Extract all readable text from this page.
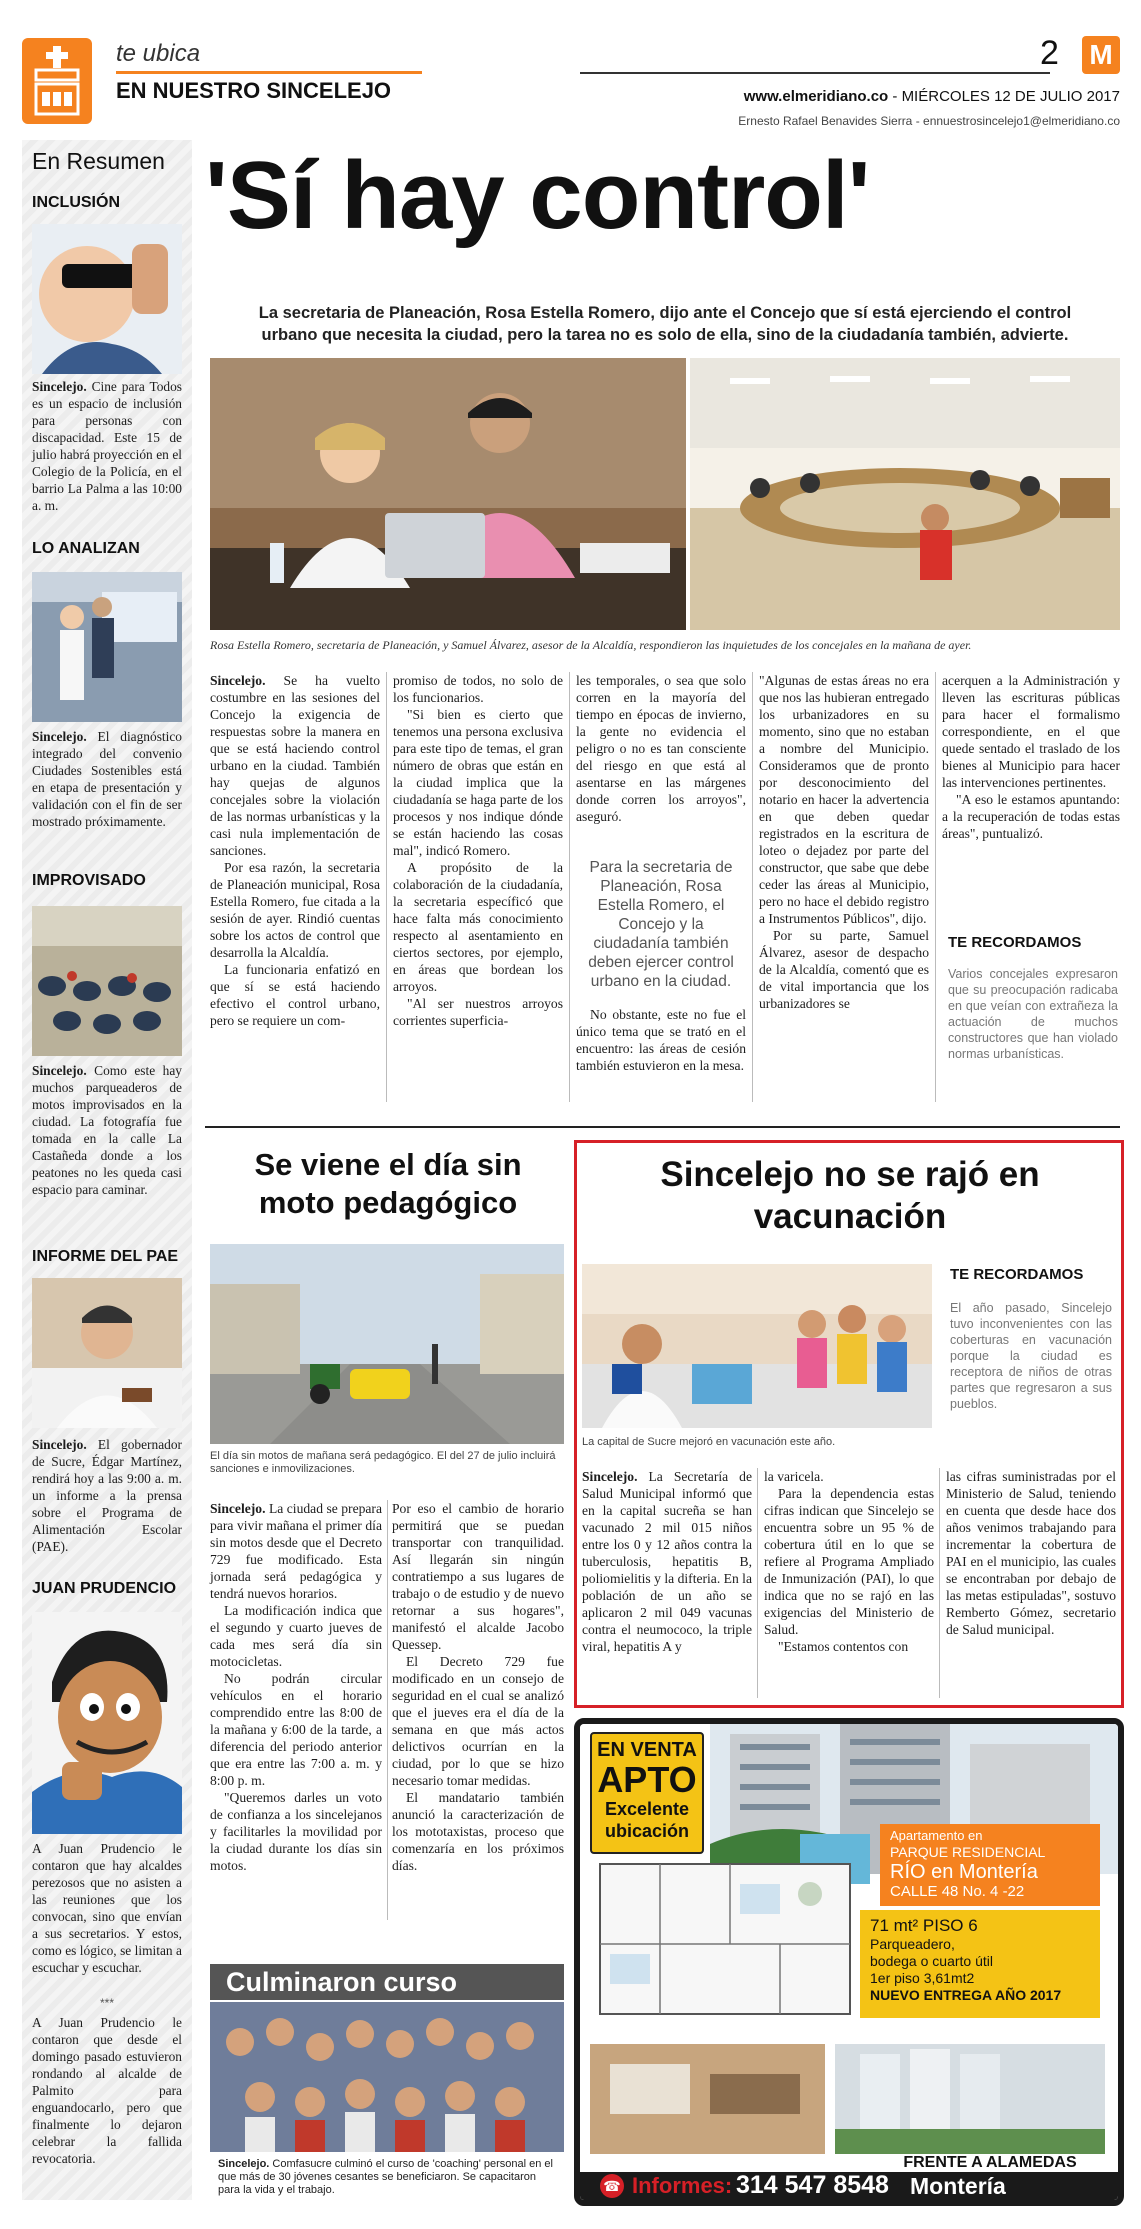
te ubica
EN NUESTRO SINCELEJO
2 M
www.elmeridiano.co - MIÉRCOLES 12 DE JULIO 2017
Ernesto Rafael Benavides Sierra - ennuestrosincelejo1@elmeridiano.co
En Resumen
INCLUSIÓN
Sincelejo. Cine para Todos es un espacio de inclusión para personas con discapacidad. Este 15 de julio habrá proyección en el Colegio de la Policía, en el barrio La Palma a las 10:00 a. m.
LO ANALIZAN
Sincelejo. El diagnóstico integrado del convenio Ciudades Sostenibles está en etapa de presentación y validación con el fin de ser mostrado próximamente.
IMPROVISADO
Sincelejo. Como este hay muchos parqueaderos de motos improvisados en la ciudad. La fotografía fue tomada en la calle La Castañeda donde a los peatones no les queda casi espacio para caminar.
INFORME DEL PAE
Sincelejo. El gobernador de Sucre, Édgar Martínez, rendirá hoy a las 9:00 a. m. un informe a la prensa sobre el Programa de Alimentación Escolar (PAE).
JUAN PRUDENCIO
A Juan Prudencio le contaron que hay alcaldes perezosos que no asisten a las reuniones que los convocan, sino que envían a sus secretarios. Y estos, como es lógico, se limitan a escuchar y escuchar.
***
A Juan Prudencio le contaron que desde el domingo pasado estuvieron rondando al alcalde de Palmito para enguandocarlo, pero que finalmente lo dejaron celebrar la fallida revocatoria.
'Sí hay control'
La secretaria de Planeación, Rosa Estella Romero, dijo ante el Concejo que sí está ejerciendo el control urbano que necesita la ciudad, pero la tarea no es solo de ella, sino de la ciudadanía también, advierte.
Rosa Estella Romero, secretaria de Planeación, y Samuel Álvarez, asesor de la Alcaldía, respondieron las inquietudes de los concejales en la mañana de ayer.

Sincelejo. Se ha vuelto costumbre en las sesiones del Concejo la exigencia de respuestas sobre la manera en que se está haciendo control urbano en la ciudad. También hay quejas de algunos concejales sobre la violación de las normas urbanísticas y la casi nula implementación de sanciones.

Por esa razón, la secretaria de Planeación municipal, Rosa Estella Romero, fue citada a la sesión de ayer. Rindió cuentas sobre los actos de control que desarrolla la Alcaldía.

La funcionaria enfatizó en que sí se está haciendo efectivo el control urbano, pero se requiere un com-

promiso de todos, no solo de los funcionarios.

"Si bien es cierto que tenemos una persona exclusiva para este tipo de temas, el gran número de obras que están en la ciudad implica que la ciudadanía se haga parte de los procesos y nos indique dónde se están haciendo las cosas mal", indicó Romero.

A propósito de la colaboración de la ciudadanía, la secretaria específicó que hace falta más conocimiento respecto al asentamiento en ciertos sectores, por ejemplo, en áreas que bordean los arroyos.

"Al ser nuestros arroyos corrientes superficia-

les temporales, o sea que solo corren en la mayoría del tiempo en épocas de invierno, la gente no evidencia el peligro o no es tan consciente del riesgo en que está al asentarse en las márgenes donde corren los arroyos", aseguró.

Para la secretaria de Planeación, Rosa Estella Romero, el Concejo y la ciudadanía también deben ejercer control urbano en la ciudad.

No obstante, este no fue el único tema que se trató en el encuentro: las áreas de cesión también estuvieron en la mesa.

"Algunas de estas áreas no era que nos las hubieran entregado los urbanizadores en su momento, sino que no estaban a nombre del Municipio. Consideramos que de pronto por desconocimiento del notario en hacer la advertencia en que deben quedar registrados en la escritura de loteo o dejadez por parte del constructor, que sabe que debe ceder las áreas al Municipio, pero no hace el debido registro a Instrumentos Públicos", dijo.

Por su parte, Samuel Álvarez, asesor de despacho de la Alcaldía, comentó que es de vital importancia que los urbanizadores se

acerquen a la Administración y lleven las escrituras públicas para hacer el formalismo correspondiente, en el que quede sentado el traslado de los bienes al Municipio para hacer las intervenciones pertinentes.

"A eso le estamos apuntando: a la recuperación de todas estas áreas", puntualizó.

TE RECORDAMOS
Varios concejales expresaron que su preocupación radicaba en que veían con extrañeza la actuación de muchos constructores que han violado normas urbanísticas.
Se viene el día sin moto pedagógico
El día sin motos de mañana será pedagógico. El del 27 de julio incluirá sanciones e inmovilizaciones.

Sincelejo. La ciudad se prepara para vivir mañana el primer día sin motos desde que el Decreto 729 fue modificado. Esta jornada será pedagógica y tendrá nuevos horarios.

La modificación indica que el segundo y cuarto jueves de cada mes será día sin motocicletas.

No podrán circular vehículos en el horario comprendido entre las 8:00 de la mañana y 6:00 de la tarde, a diferencia del periodo anterior que era entre las 7:00 a. m. y 8:00 p. m.

"Queremos darles un voto de confianza a los sincelejanos y facilitarles la movilidad por la ciudad durante los días sin motos.

Por eso el cambio de horario permitirá que se puedan transportar con tranquilidad. Así llegarán sin ningún contratiempo a sus lugares de trabajo o de estudio y de nuevo retornar a sus hogares", manifestó el alcalde Jacobo Quessep.

El Decreto 729 fue modificado en un consejo de seguridad en el cual se analizó que el jueves era el día de la semana en que más actos delictivos ocurrían en la ciudad, por lo que se hizo necesario tomar medidas.

El mandatario también anunció la caracterización de los mototaxistas, proceso que comenzaría en los próximos días.

Culminaron curso
Sincelejo. Comfasucre culminó el curso de 'coaching' personal en el que más de 30 jóvenes cesantes se beneficiaron. Se capacitaron para la vida y el trabajo.
Sincelejo no se rajó en vacunación
La capital de Sucre mejoró en vacunación este año.
TE RECORDAMOS
El año pasado, Sincelejo tuvo inconvenientes con las coberturas en vacunación porque la ciudad es receptora de niños de otras partes que regresaron a sus pueblos.

Sincelejo. La Secretaría de Salud Municipal informó que en la capital sucreña se han vacunado 2 mil 015 niños entre los 0 y 12 años contra la tuberculosis, hepatitis B, poliomielitis y la difteria. En la población de un año se aplicaron 2 mil 049 vacunas contra el neumococo, la triple viral, hepatitis A y

la varicela.

Para la dependencia estas cifras indican que Sincelejo se encuentra sobre un 95 % de cobertura útil en lo que se refiere al Programa Ampliado de Inmunización (PAI), lo que indica que no se rajó en las exigencias del Ministerio de Salud.

"Estamos contentos con

las cifras suministradas por el Ministerio de Salud, teniendo en cuenta que desde hace dos años venimos trabajando para incrementar la cobertura de PAI en el municipio, las cuales se encontraban por debajo de las metas estipuladas", sostuvo Remberto Gómez, secretario de Salud municipal.

EN VENTA
APTO
Excelente
ubicación	Apartamento en
PARQUE RESIDENCIAL
RÍO en Montería
CALLE 48 No. 4 -22
71 mt² PISO 6
Parqueadero,
bodega o cuarto útil
1er piso 3,61mt2
NUEVO ENTREGA AÑO 2017
FRENTE A ALAMEDAS
☎ Informes: 314 547 8548 Montería
